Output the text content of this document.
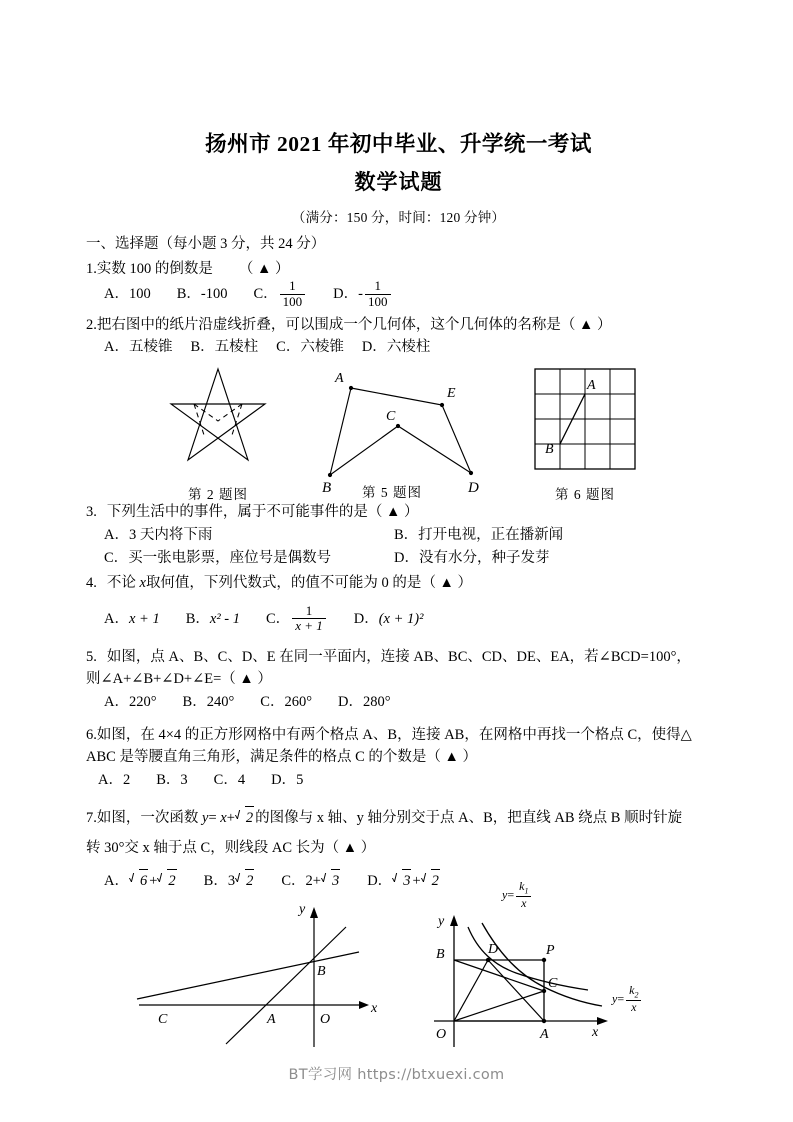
扬州市 2021 年初中毕业、升学统一考试
数学试题
（满分：150 分，时间：120 分钟）
一、选择题（每小题 3 分，共 24 分）
1.实数 100 的倒数是 （ ▲ ）
A．100 B．-100 C． $\frac{1}{100}$ D．- $\frac{1}{100}$
2.把右图中的纸片沿虚线折叠，可以围成一个几何体，这个几何体的名称是（ ▲ ）
A．五棱锥 B．五棱柱 C．六棱锥 D．六棱柱
第 2 题图
A
E
C
B 第 5 题图	D
A
B
第 6 题图
3. 下列生活中的事件，属于不可能事件的是（ ▲ ）
A．3 天内将下雨	B．打开电视，正在播新闻
C．买一张电影票，座位号是偶数号	D．没有水分，种子发芽
4. 不论 x取何值，下列代数式，的值不可能为 0 的是（ ▲ ）
A．x + 1 B．x² - 1 C． $\frac{1}{x + 1}$ D．(x + 1)²
5. 如图，点 A、B、C、D、E 在同一平面内，连接 AB、BC、CD、DE、EA，若∠BCD=100°，
则∠A+∠B+∠D+∠E=（ ▲ ）
A．220° B．240° C．260° D．280°
6.如图，在 4×4 的正方形网格中有两个格点 A、B，连接 AB，在网格中再找一个格点 C，使得△
ABC 是等腰直角三角形，满足条件的格点 C 的个数是（ ▲ ）
A．2 B．3 C．4 D．5
7.如图，一次函数 y= x+ 2 的图像与 x 轴、y 轴分别交于点 A、B，把直线 AB 绕点 B 顺时针旋
转 30°交 x 轴于点 C，则线段 AC 长为（ ▲ ）
A． 6 + 2 B．3 2 C．2+ 3 D． 3 + 2
y
x
B
A
C	O
y
x
B	D	P
C
A
O
$y= \frac{k_1}{x}$
$y= \frac{k_2}{x}$
BT学习网 https://btxuexi.com
